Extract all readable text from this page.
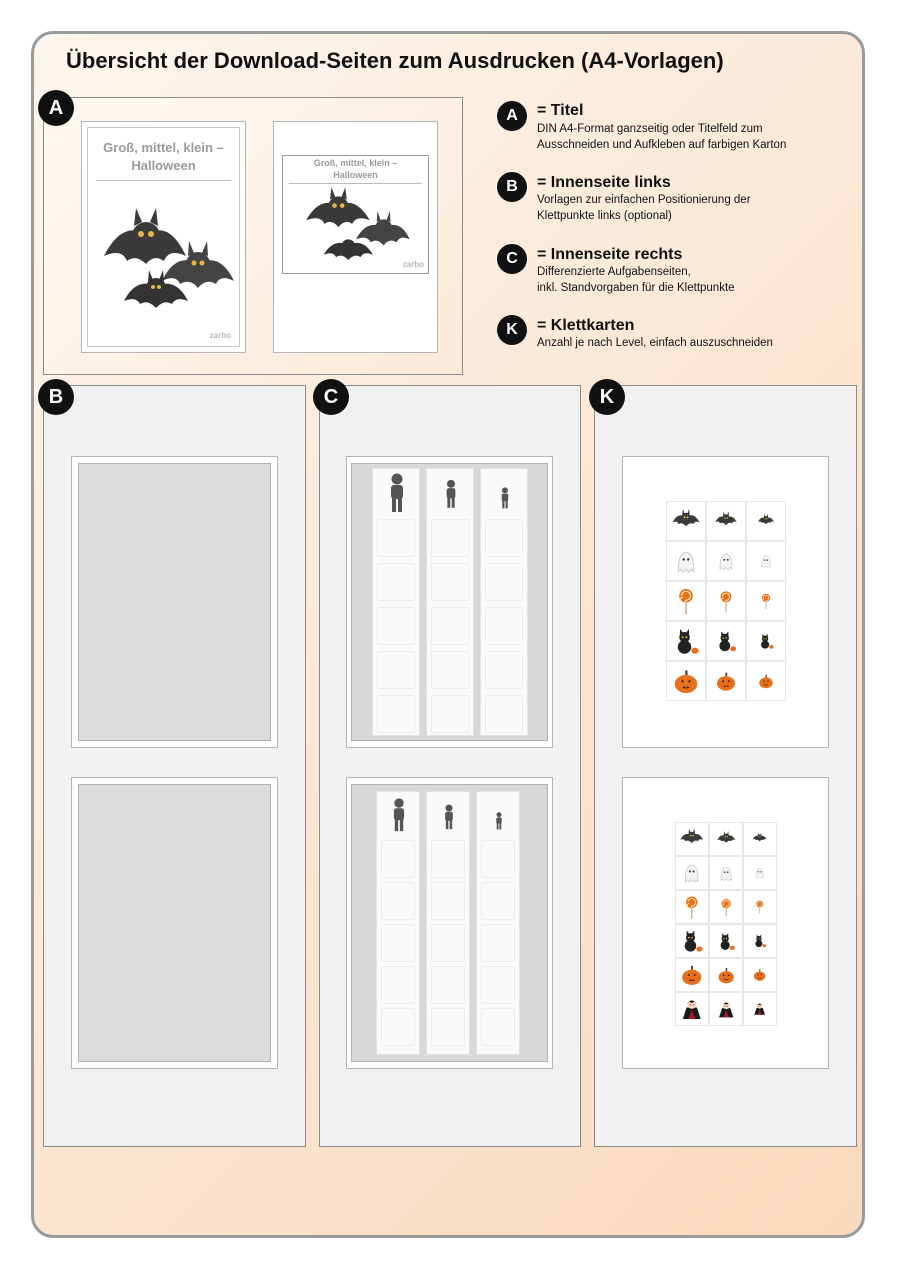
Übersicht der Download-Seiten zum Ausdrucken (A4-Vorlagen)
A
Groß, mittel, klein –
Halloween
zarbo
Groß, mittel, klein –
Halloween
zarbo
A	= Titel
DIN A4-Format ganzseitig oder Titelfeld zum
Ausschneiden und Aufkleben auf farbigen Karton
B	= Innenseite links
Vorlagen zur einfachen Positionierung der
Klettpunkte links (optional)
C	= Innenseite rechts
Differenzierte Aufgabenseiten,
inkl. Standvorgaben für die Klettpunkte
K	= Klettkarten
Anzahl je nach Level, einfach auszuschneiden
B	C	K
